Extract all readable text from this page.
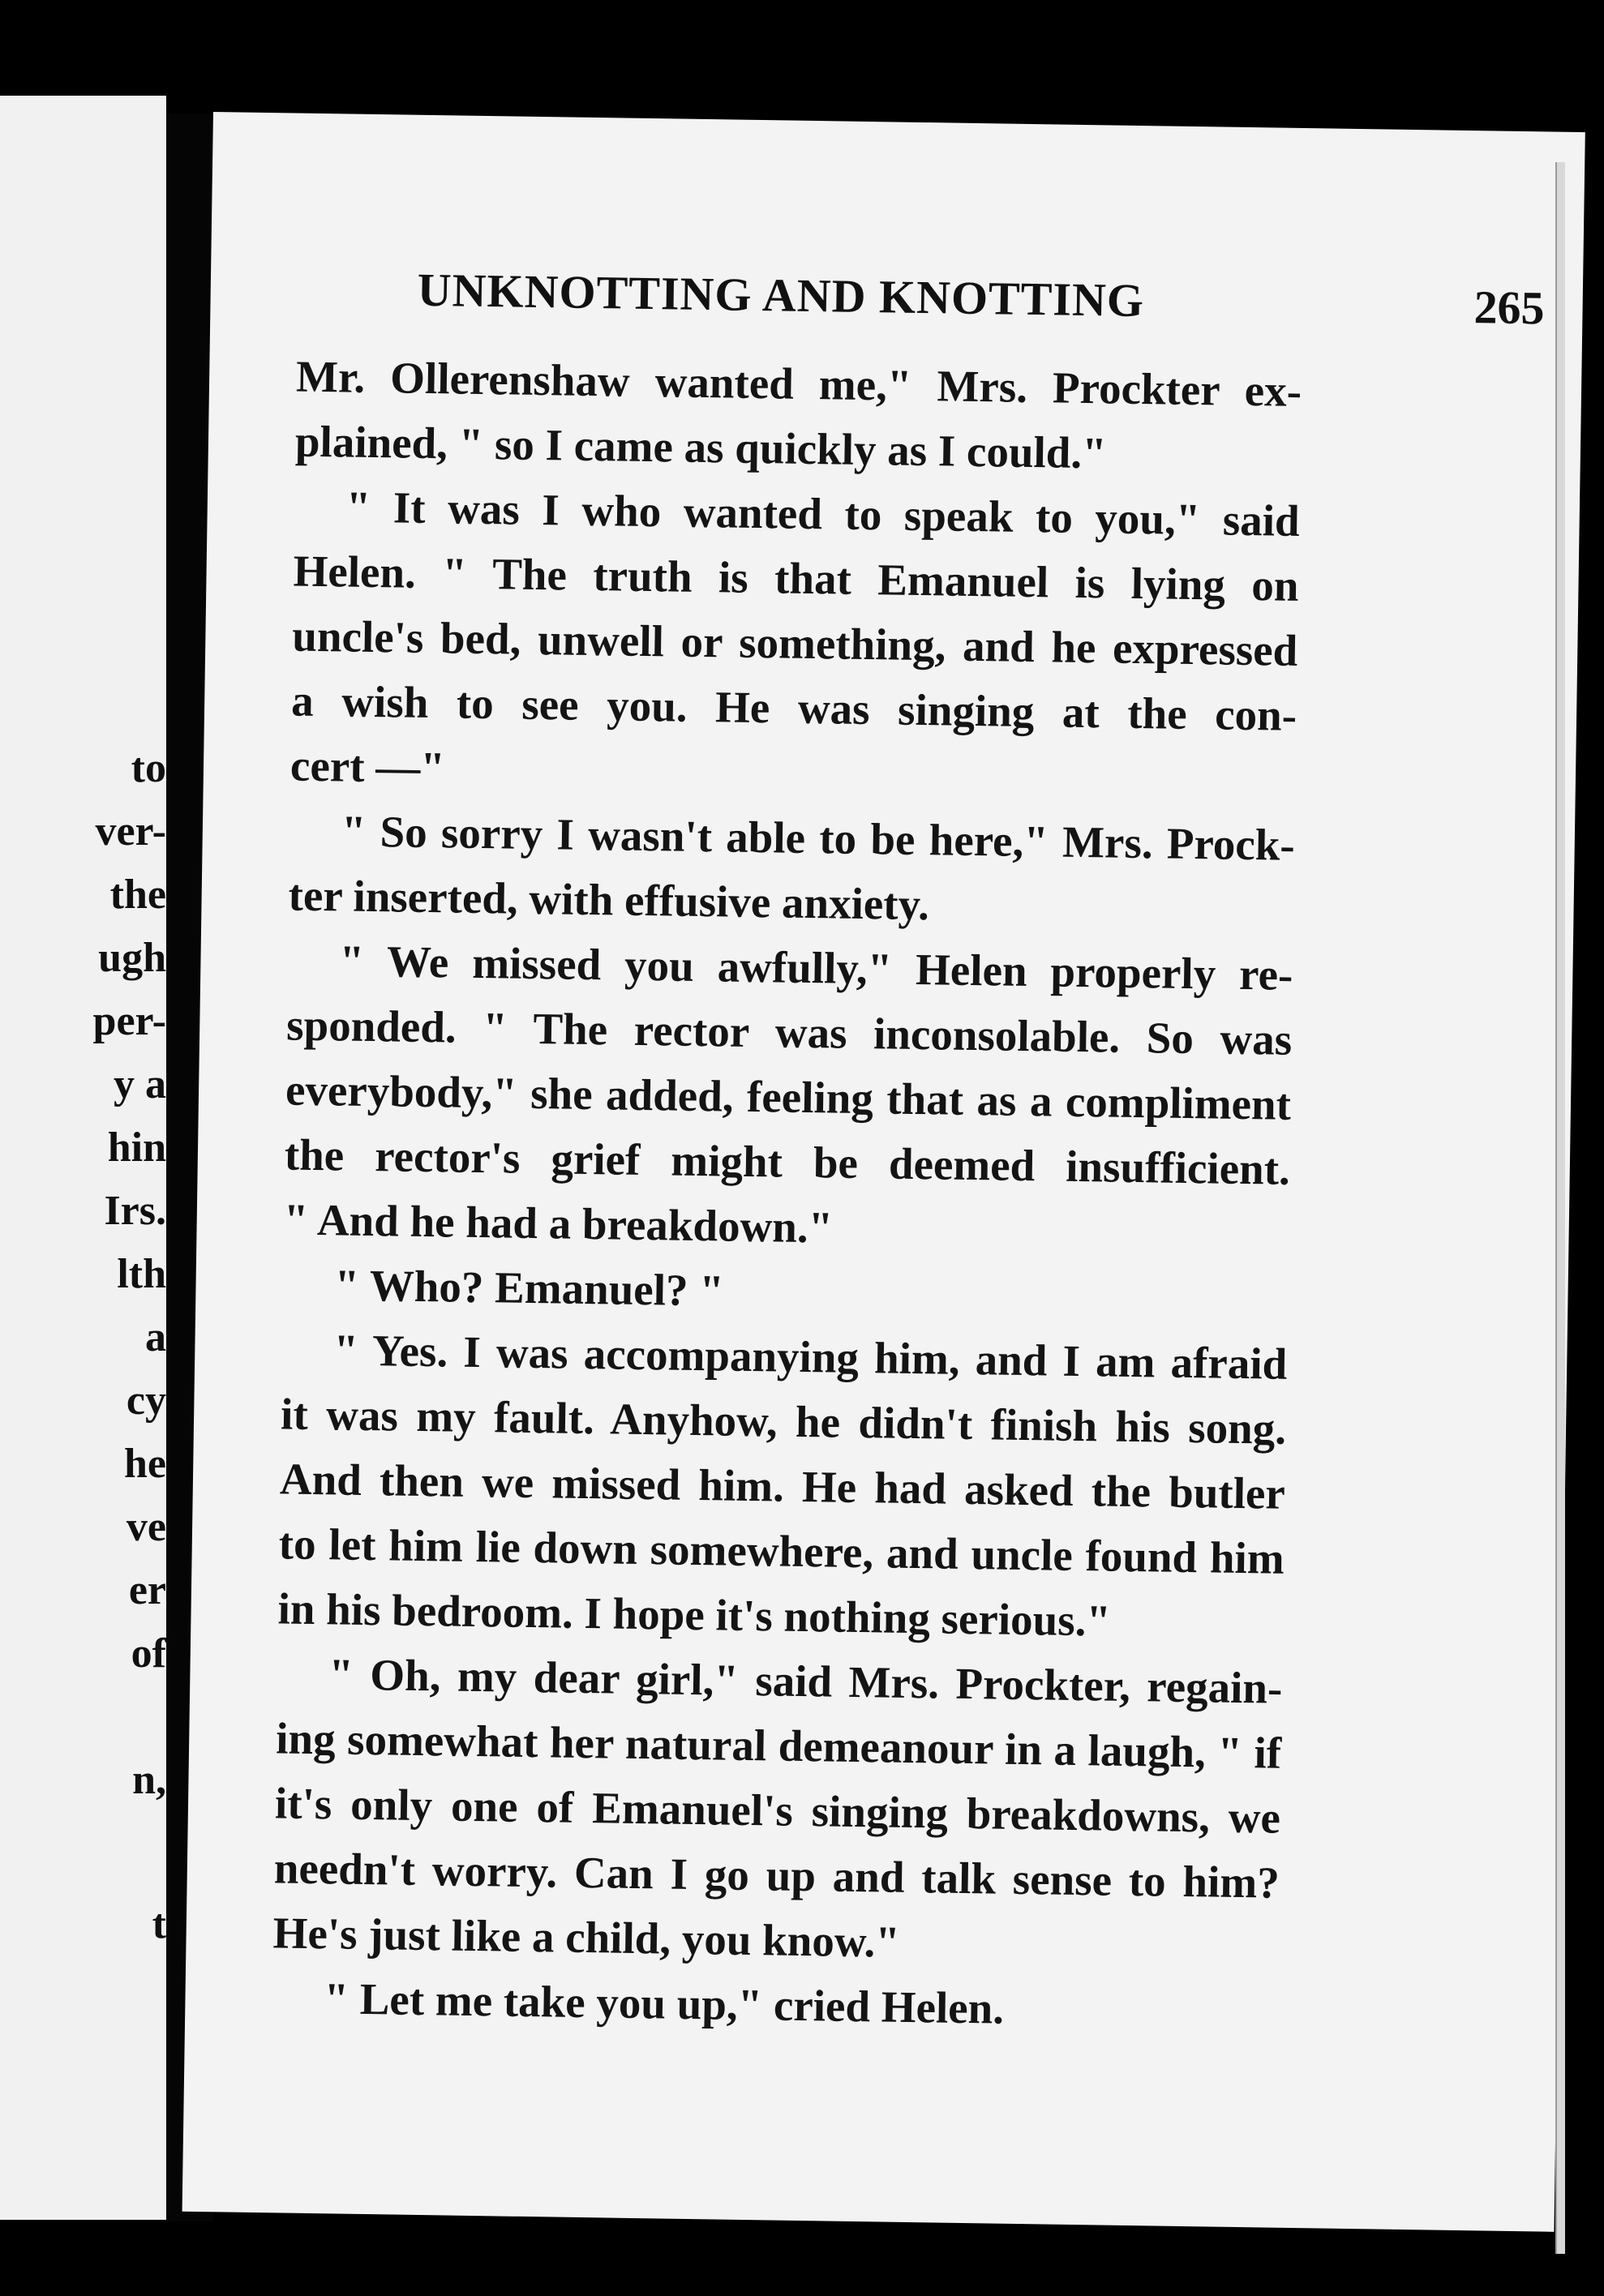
to

ver-

the

ugh

per-

y a

hin

Irs.

lth

a

cy

he

ve

er

of

n,

t

UNKNOTTING AND KNOTTING	265

Mr. Ollerenshaw wanted me," Mrs. Prockter ex-
plained, " so I came as quickly as I could."
" It was I who wanted to speak to you," said
Helen. " The truth is that Emanuel is lying on
uncle's bed, unwell or something, and he expressed
a wish to see you. He was singing at the con-
cert —"
" So sorry I wasn't able to be here," Mrs. Prock-
ter inserted, with effusive anxiety.
" We missed you awfully," Helen properly re-
sponded. " The rector was inconsolable. So was
everybody," she added, feeling that as a compliment
the rector's grief might be deemed insufficient.
" And he had a breakdown."
" Who? Emanuel? "
" Yes. I was accompanying him, and I am afraid
it was my fault. Anyhow, he didn't finish his song.
And then we missed him. He had asked the butler
to let him lie down somewhere, and uncle found him
in his bedroom. I hope it's nothing serious."
" Oh, my dear girl," said Mrs. Prockter, regain-
ing somewhat her natural demeanour in a laugh, " if
it's only one of Emanuel's singing breakdowns, we
needn't worry. Can I go up and talk sense to him?
He's just like a child, you know."
" Let me take you up," cried Helen.
